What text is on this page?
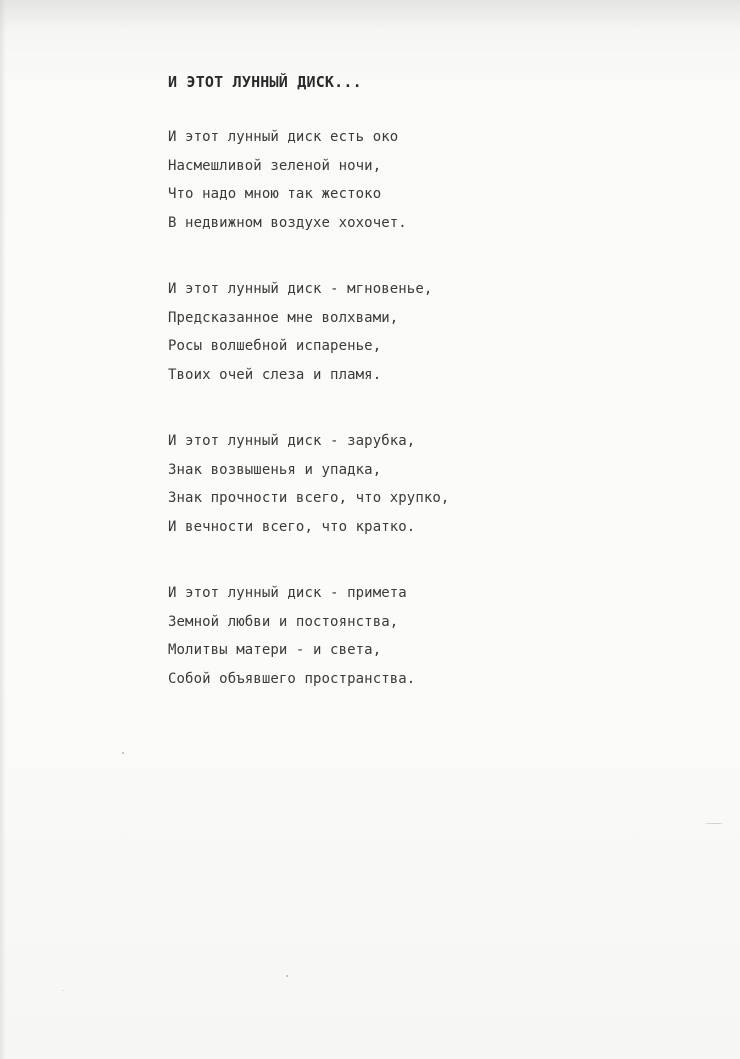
И ЭТОТ ЛУННЫЙ ДИСК...
И этот лунный диск есть око
Насмешливой зеленой ночи,
Что надо мною так жестоко
В недвижном воздухе хохочет.
И этот лунный диск - мгновенье,
Предсказанное мне волхвами,
Росы волшебной испаренье,
Твоих очей слеза и пламя.
И этот лунный диск - зарубка,
Знак возвышенья и упадка,
Знак прочности всего, что хрупко,
И вечности всего, что кратко.
И этот лунный диск - примета
Земной любви и постоянства,
Молитвы матери - и света,
Собой объявшего пространства.
